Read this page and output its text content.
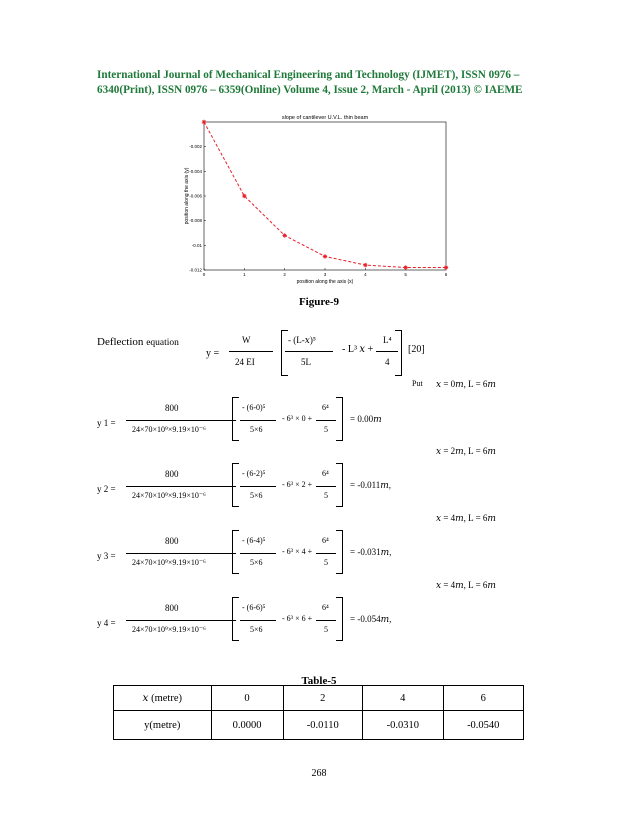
International Journal of Mechanical Engineering and Technology (IJMET), ISSN 0976 –
6340(Print), ISSN 0976 – 6359(Online) Volume 4, Issue 2, March - April (2013) © IAEME
slope of cantilever U.V.L. thin beam
0	1	2	3	4	5	6
-0.012
-0.01
-0.008
-0.006
-0.004
-0.002
position along the axis (x)
position along the axis (y)
Figure-9
Deflection equation
y =
W
24 EI
- (L-𝑥)⁵
5L
- L³ 𝑥 +
L⁴
4
[20]
Put 𝑥 = 0𝑚, L = 6𝑚
y 1 =
800
24×70×10⁹×9.19×10⁻⁶
- (6-0)⁵
5×6
- 6³ × 0 +
6⁴
5
= 0.00𝑚
𝑥 = 2𝑚, L = 6𝑚
y 2 =
800
24×70×10⁹×9.19×10⁻⁶
- (6-2)⁵
5×6
- 6³ × 2 +
6⁴
5
= -0.011𝑚,
𝑥 = 4𝑚, L = 6𝑚
y 3 =
800
24×70×10⁹×9.19×10⁻⁶
- (6-4)⁵
5×6
- 6³ × 4 +
6⁴
5
= -0.031𝑚,
𝑥 = 4𝑚, L = 6𝑚
y 4 =
800
24×70×10⁹×9.19×10⁻⁶
- (6-6)⁵
5×6
- 6³ × 6 +
6⁴
5
= -0.054𝑚,
Table-5
𝑥 (metre)	0	2	4	6
y(metre)	0.0000	-0.0110	-0.0310	-0.0540
268
